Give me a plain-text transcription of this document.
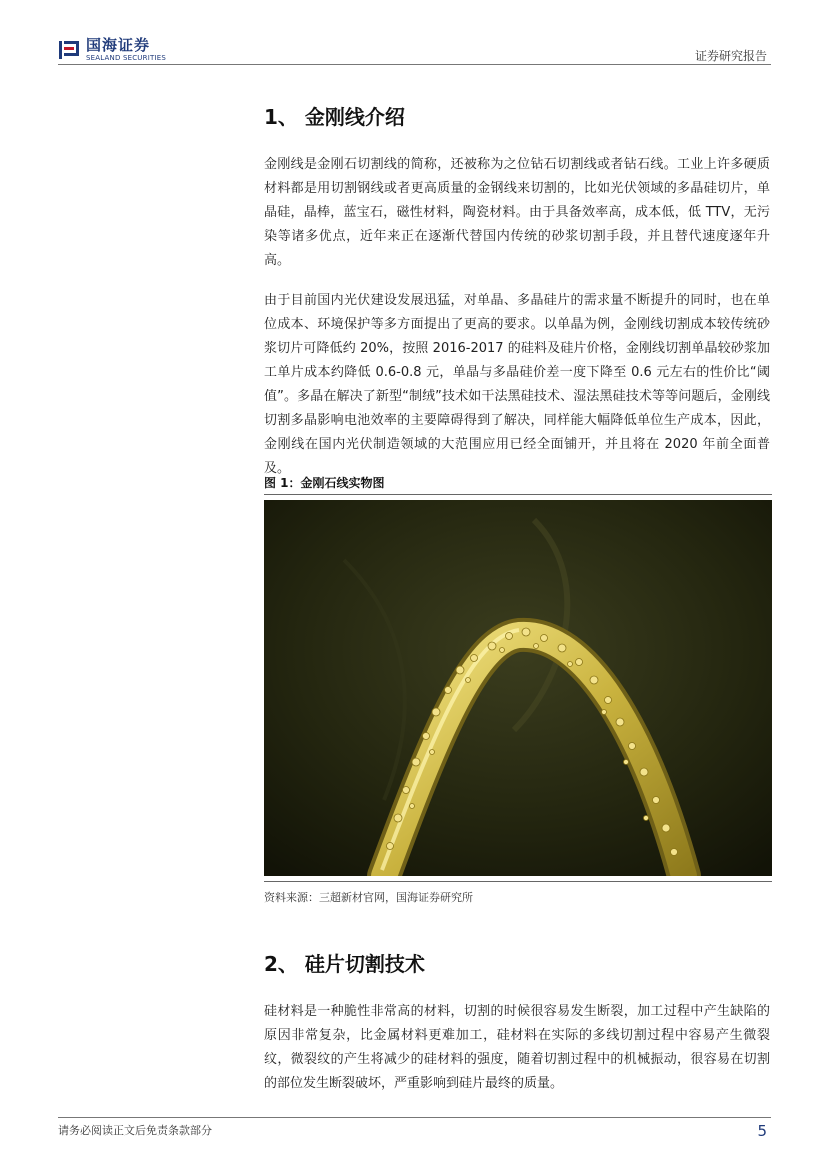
国海证券
SEALAND SECURITIES	证券研究报告
1、 金刚线介绍

金刚线是金刚石切割线的简称，还被称为之位钻石切割线或者钻石线。工业上许多硬质材料都是用切割钢线或者更高质量的金钢线来切割的，比如光伏领域的多晶硅切片，单晶硅，晶棒，蓝宝石，磁性材料，陶瓷材料。由于具备效率高，成本低，低 TTV，无污染等诸多优点，近年来正在逐渐代替国内传统的砂浆切割手段，并且替代速度逐年升高。

由于目前国内光伏建设发展迅猛，对单晶、多晶硅片的需求量不断提升的同时，也在单位成本、环境保护等多方面提出了更高的要求。以单晶为例，金刚线切割成本较传统砂浆切片可降低约 20%，按照 2016-2017 的硅料及硅片价格，金刚线切割单晶较砂浆加工单片成本约降低 0.6-0.8 元，单晶与多晶硅价差一度下降至 0.6 元左右的性价比“阈值”。多晶在解决了新型“制绒”技术如干法黑硅技术、湿法黑硅技术等等问题后，金刚线切割多晶影响电池效率的主要障碍得到了解决，同样能大幅降低单位生产成本，因此，金刚线在国内光伏制造领域的大范围应用已经全面铺开，并且将在 2020 年前全面普及。

图 1：金刚石线实物图
资料来源：三超新材官网，国海证券研究所
2、 硅片切割技术

硅材料是一种脆性非常高的材料，切割的时候很容易发生断裂，加工过程中产生缺陷的原因非常复杂，比金属材料更难加工，硅材料在实际的多线切割过程中容易产生微裂纹，微裂纹的产生将减少的硅材料的强度，随着切割过程中的机械振动，很容易在切割的部位发生断裂破坏，严重影响到硅片最终的质量。

请务必阅读正文后免责条款部分	5
